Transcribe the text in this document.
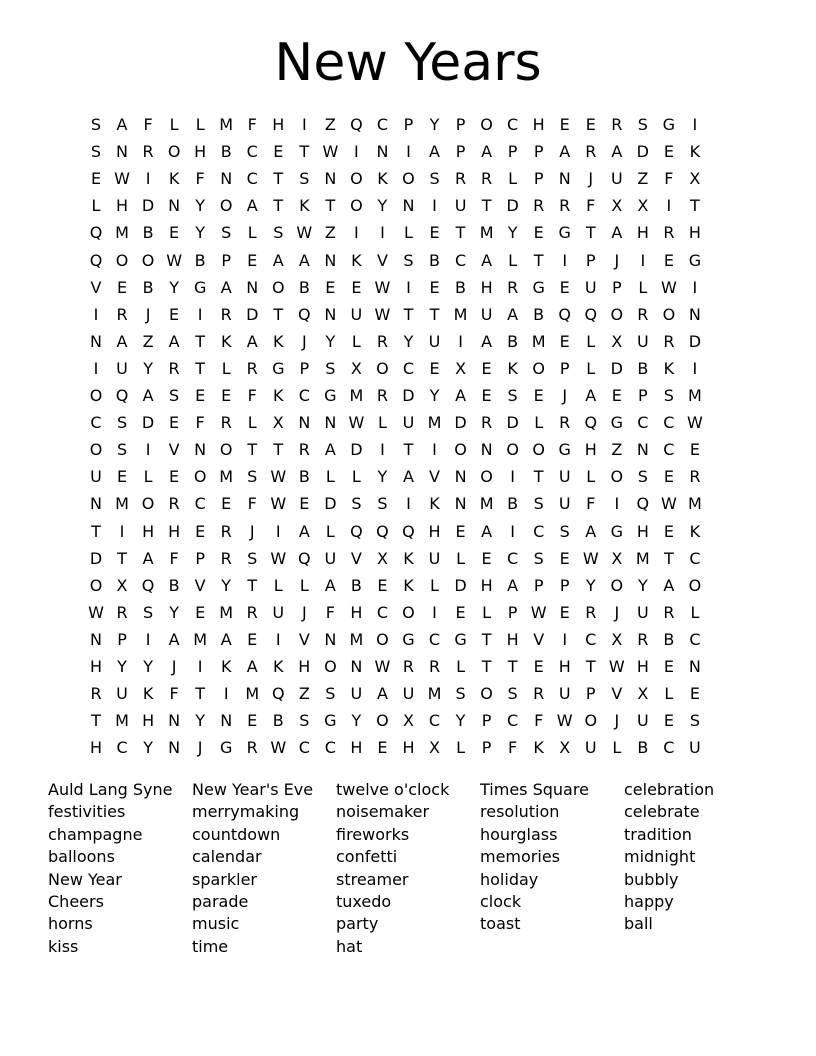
New Years
S A F	L	L M F H	I	Z Q C P	Y	P O C H E E R S G	I
S N R O H B C E	T W I	N	I	A P A P	P A R A D E K
E W I	K	F N C T	S N O K O S R R	L	P N	J	U Z F X
L H D N Y O A T K T O Y N	I	U T D R R F X X	I	T
Q M B E	Y	S	L	S W Z	I	I	L	E	T M Y	E G T A H R H
Q O O W B P	E A A N K V S B C A	L	T	I	P	J	I	E G
V E B Y G A N O B E E W I	E B H R G E U P	L W I
I	R	J	E	I	R D T Q N U W T	T M U A B Q Q O R O N
N A Z A T K A K	J	Y	L	R Y U	I	A B M E	L	X U R D
I	U Y R T	L	R G P	S X O C E X E K O P	L D B K	I
O Q A S E E	F	K C G M R D Y A E S E	J	A E	P	S M
C S D E	F R	L	X N N W L U M D R D L	R Q G C C W
O S	I	V N O T	T R A D	I	T	I	O N O O G H Z N C E
U E	L	E O M S W B	L	L	Y A V N O	I	T U L O S E R
N M O R C E	F W E D S S	I	K N M B S U F	I	Q W M
T	I	H H E R	J	I	A	L Q Q Q H E A	I	C S A G H E K
D T A F	P R S W Q U V X K U L	E C S E W X M T C
O X Q B V Y	T	L	L	A B E K	L D H A P	P	Y O Y A O
W R S	Y	E M R U	J	F H C O	I	E	L	P W E R	J	U R	L
N P	I	A M A E	I	V N M O G C G T H V	I	C X R B C
H Y	Y	J	I	K A K H O N W R R	L	T	T	E H T W H E N
R U K	F	T	I	M Q Z S U A U M S O S R U P V X	L	E
T M H N Y N E B S G Y O X C Y	P C F W O	J	U E S
H C Y N	J	G R W C C H E H X	L	P	F	K X U L	B C U
Auld Lang Syne
festivities
champagne
balloons
New Year
Cheers
horns
kiss
New Year's Eve
merrymaking
countdown
calendar
sparkler
parade
music
time
twelve o'clock
noisemaker
fireworks
confetti
streamer
tuxedo
party
hat
Times Square
resolution
hourglass
memories
holiday
clock
toast
celebration
celebrate
tradition
midnight
bubbly
happy
ball
